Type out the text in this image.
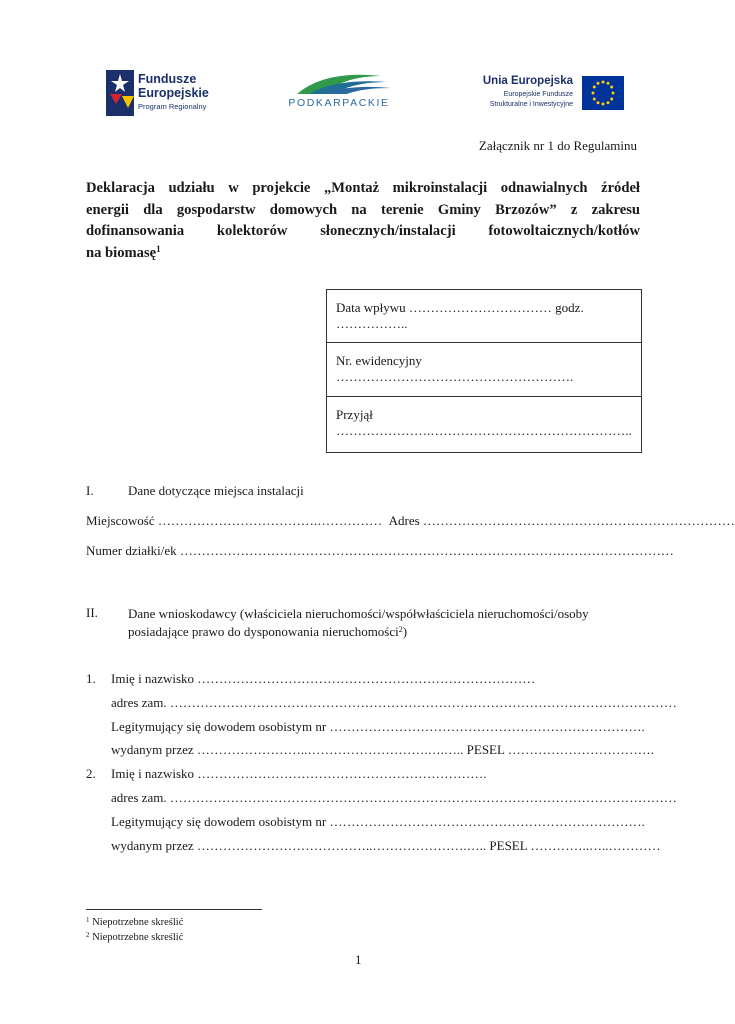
Fundusze
Europejskie
Program Regionalny	PODKARPACKIE
Unia Europejska
Europejskie Fundusze
Strukturalne i Inwestycyjne
Załącznik nr 1 do Regulaminu
Deklaracja udziału w projekcie „Montaż mikroinstalacji odnawialnych źródeł
energii dla gospodarstw domowych na terenie Gminy Brzozów” z zakresu
dofinansowania kolektorów słonecznych/instalacji fotowoltaicznych/kotłów
na biomasę$^1$
Data wpływu …………………………… godz. ……………..
Nr. ewidencyjny ……………………………………………….
Przyjął ………………….………………………………………..
I.	Dane dotyczące miejsca instalacji
Miejscowość
……………………………….……………
Adres
………………………………………………………………
Numer działki/ek
……………………………………………………………………………………………………
II. Dane wnioskodawcy (właściciela nieruchomości/współwłaściciela nieruchomości/osoby
posiadające prawo do dysponowania nieruchomości$^2$)
1. Imię i nazwisko ……………………………………………………………………
adres zam. ………………………………………………………………………………………………………
Legitymujący się dowodem osobistym nr ……………………………………………………………….
wydanym przez ……………………..……………………….….….. PESEL …………………………….
2. Imię i nazwisko ………………………………………………………….
adres zam. ………………………………………………………………………………………………………
Legitymujący się dowodem osobistym nr ……………………………………………………………….
wydanym przez …………………………………..………………….….. PESEL …………..…..…………
$^1$ Niepotrzebne skreślić
$^2$ Niepotrzebne skreślić
1
